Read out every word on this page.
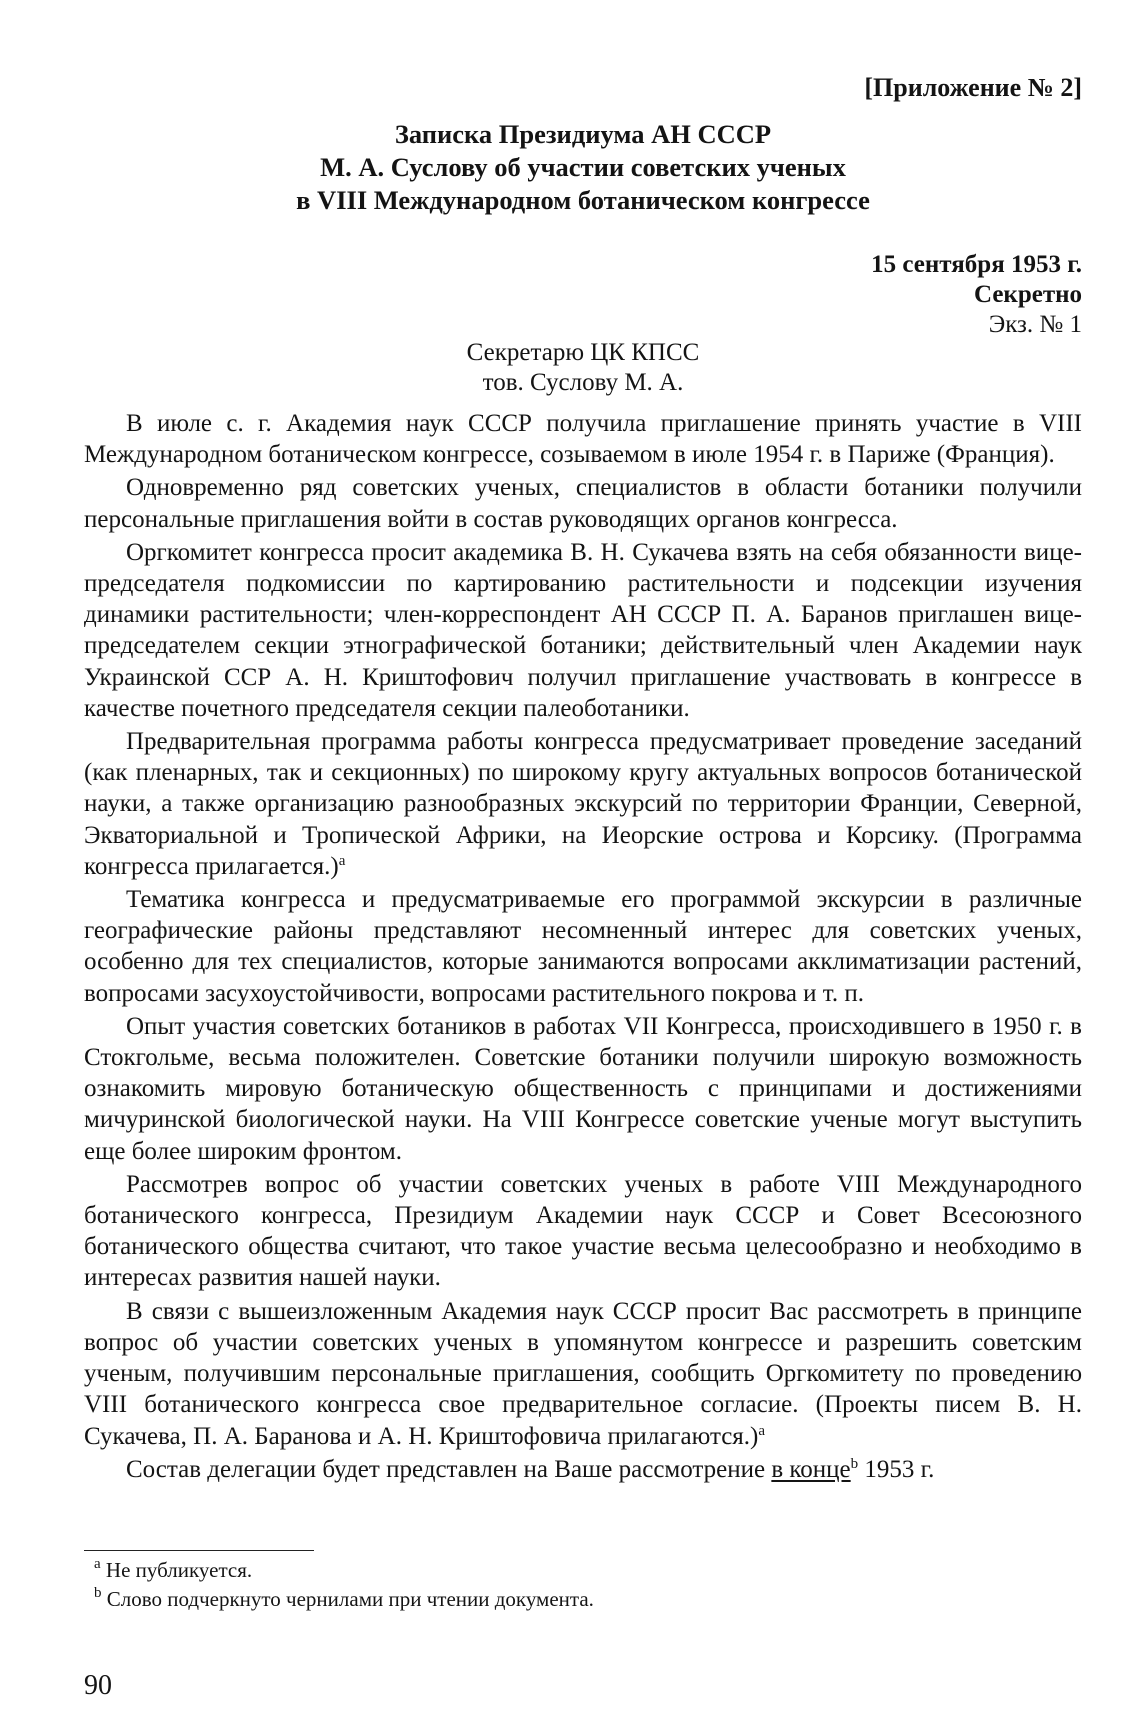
[Приложение № 2]
Записка Президиума АН СССР
М. А. Суслову об участии советских ученых
в VIII Международном ботаническом конгрессе
15 сентября 1953 г.
Секретно
Экз. № 1
Секретарю ЦК КПСС
тов. Суслову М. А.

В июле с. г. Академия наук СССР получила приглашение принять участие в VIII Международном ботаническом конгрессе, созываемом в июле 1954 г. в Париже (Франция).

Одновременно ряд советских ученых, специалистов в области ботаники получили персональные приглашения войти в состав руководящих органов конгресса.

Оргкомитет конгресса просит академика В. Н. Сукачева взять на себя обязанности вице-председателя подкомиссии по картированию растительности и подсекции изучения динамики растительности; член-корреспондент АН СССР П. А. Баранов приглашен вице-председателем секции этнографической ботаники; действительный член Академии наук Украинской ССР А. Н. Криштофович получил приглашение участвовать в конгрессе в качестве почетного председателя секции палеоботаники.

Предварительная программа работы конгресса предусматривает проведение заседаний (как пленарных, так и секционных) по широкому кругу актуальных вопросов ботанической науки, а также организацию разнообразных экскурсий по территории Франции, Северной, Экваториальной и Тропической Африки, на Иеорские острова и Корсику. (Программа конгресса прилагается.)$^a$

Тематика конгресса и предусматриваемые его программой экскурсии в различные географические районы представляют несомненный интерес для советских ученых, особенно для тех специалистов, которые занимаются вопросами акклиматизации растений, вопросами засухоустойчивости, вопросами растительного покрова и т. п.

Опыт участия советских ботаников в работах VII Конгресса, происходившего в 1950 г. в Стокгольме, весьма положителен. Советские ботаники получили широкую возможность ознакомить мировую ботаническую общественность с принципами и достижениями мичуринской биологической науки. На VIII Конгрессе советские ученые могут выступить еще более широким фронтом.

Рассмотрев вопрос об участии советских ученых в работе VIII Международного ботанического конгресса, Президиум Академии наук СССР и Совет Всесоюзного ботанического общества считают, что такое участие весьма целесообразно и необходимо в интересах развития нашей науки.

В связи с вышеизложенным Академия наук СССР просит Вас рассмотреть в принципе вопрос об участии советских ученых в упомянутом конгрессе и разрешить советским ученым, получившим персональные приглашения, сообщить Оргкомитету по проведению VIII ботанического конгресса свое предварительное согласие. (Проекты писем В. Н. Сукачева, П. А. Баранова и А. Н. Криштофовича прилагаются.)$^a$

Состав делегации будет представлен на Ваше рассмотрение в конце$^b$ 1953 г.

$^a$ Не публикуется.
$^b$ Слово подчеркнуто чернилами при чтении документа.
90
